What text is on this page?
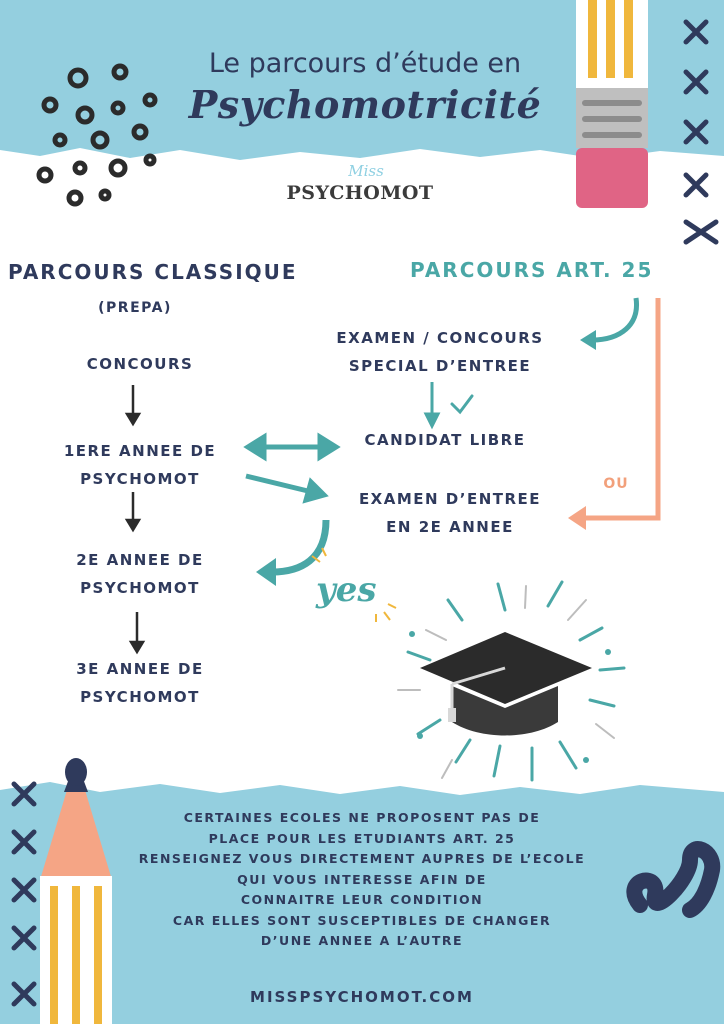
Le parcours d’étude en
Psychomotricité
Miss
PSYCHOMOT
PARCOURS CLASSIQUE
(PREPA)
CONCOURS
1ERE ANNEE DE
PSYCHOMOT
2E ANNEE DE
PSYCHOMOT
3E ANNEE DE
PSYCHOMOT
PARCOURS ART. 25
EXAMEN / CONCOURS
SPECIAL D’ENTREE
CANDIDAT LIBRE
EXAMEN D’ENTREE
EN 2E ANNEE
OU
yes
CERTAINES ECOLES NE PROPOSENT PAS DE
PLACE POUR LES ETUDIANTS ART. 25
RENSEIGNEZ VOUS DIRECTEMENT AUPRES DE L’ECOLE
QUI VOUS INTERESSE AFIN DE
CONNAITRE LEUR CONDITION
CAR ELLES SONT SUSCEPTIBLES DE CHANGER
D’UNE ANNEE A L’AUTRE
MISSPSYCHOMOT.COM
